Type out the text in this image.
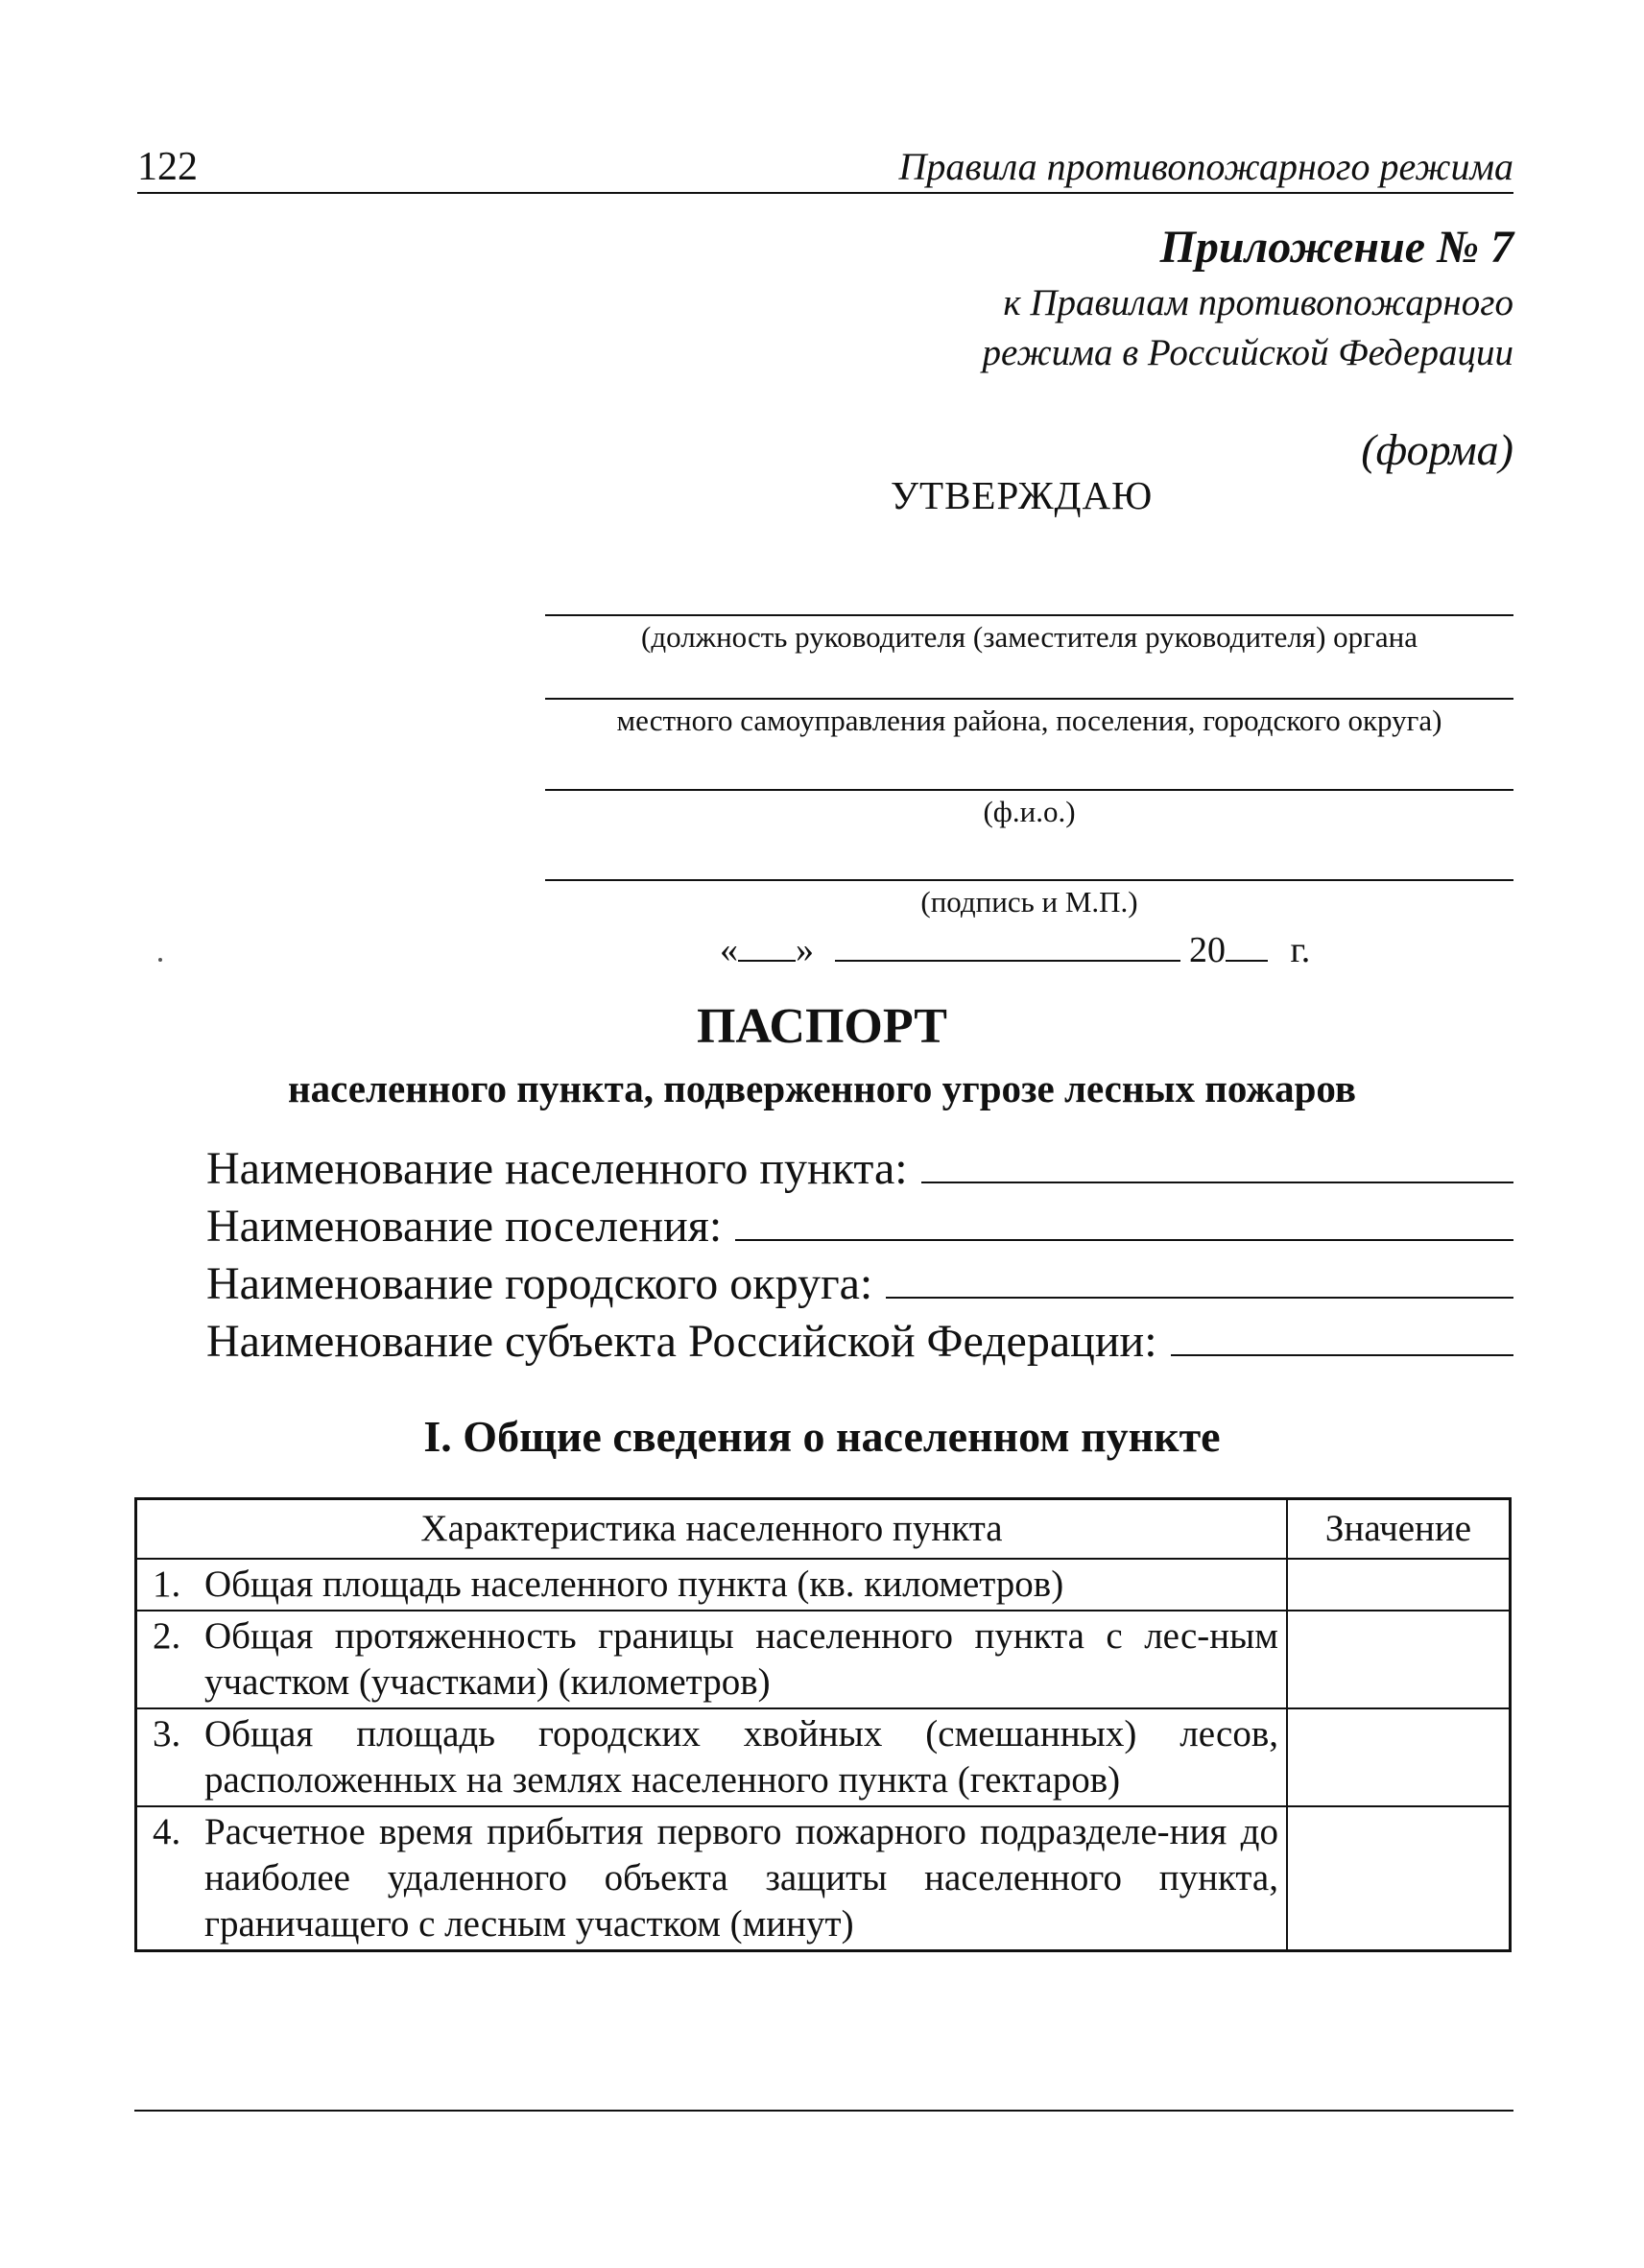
122	Правила противопожарного режима
Приложение № 7
к Правилам противопожарного
режима в Российской Федерации
(форма)
УТВЕРЖДАЮ
(должность руководителя (заместителя руководителя) органа
местного самоуправления района, поселения, городского округа)
(ф.и.о.)
(подпись и М.П.)
« »	20 г.
ПАСПОРТ
населенного пункта, подверженного угрозе лесных пожаров
Наименование населенного пункта:
Наименование поселения:
Наименование городского округа:
Наименование субъекта Российской Федерации:
I. Общие сведения о населенном пункте
Характеристика населенного пункта		Значение
1.	Общая площадь населенного пункта (кв. километров)	
2.	Общая протяженность границы населенного пункта с лес-ным участком (участками) (километров)	
3.	Общая площадь городских хвойных (смешанных) лесов, расположенных на землях населенного пункта (гектаров)	
4.	Расчетное время прибытия первого пожарного подразделе-ния до наиболее удаленного объекта защиты населенного пункта, граничащего с лесным участком (минут)	
